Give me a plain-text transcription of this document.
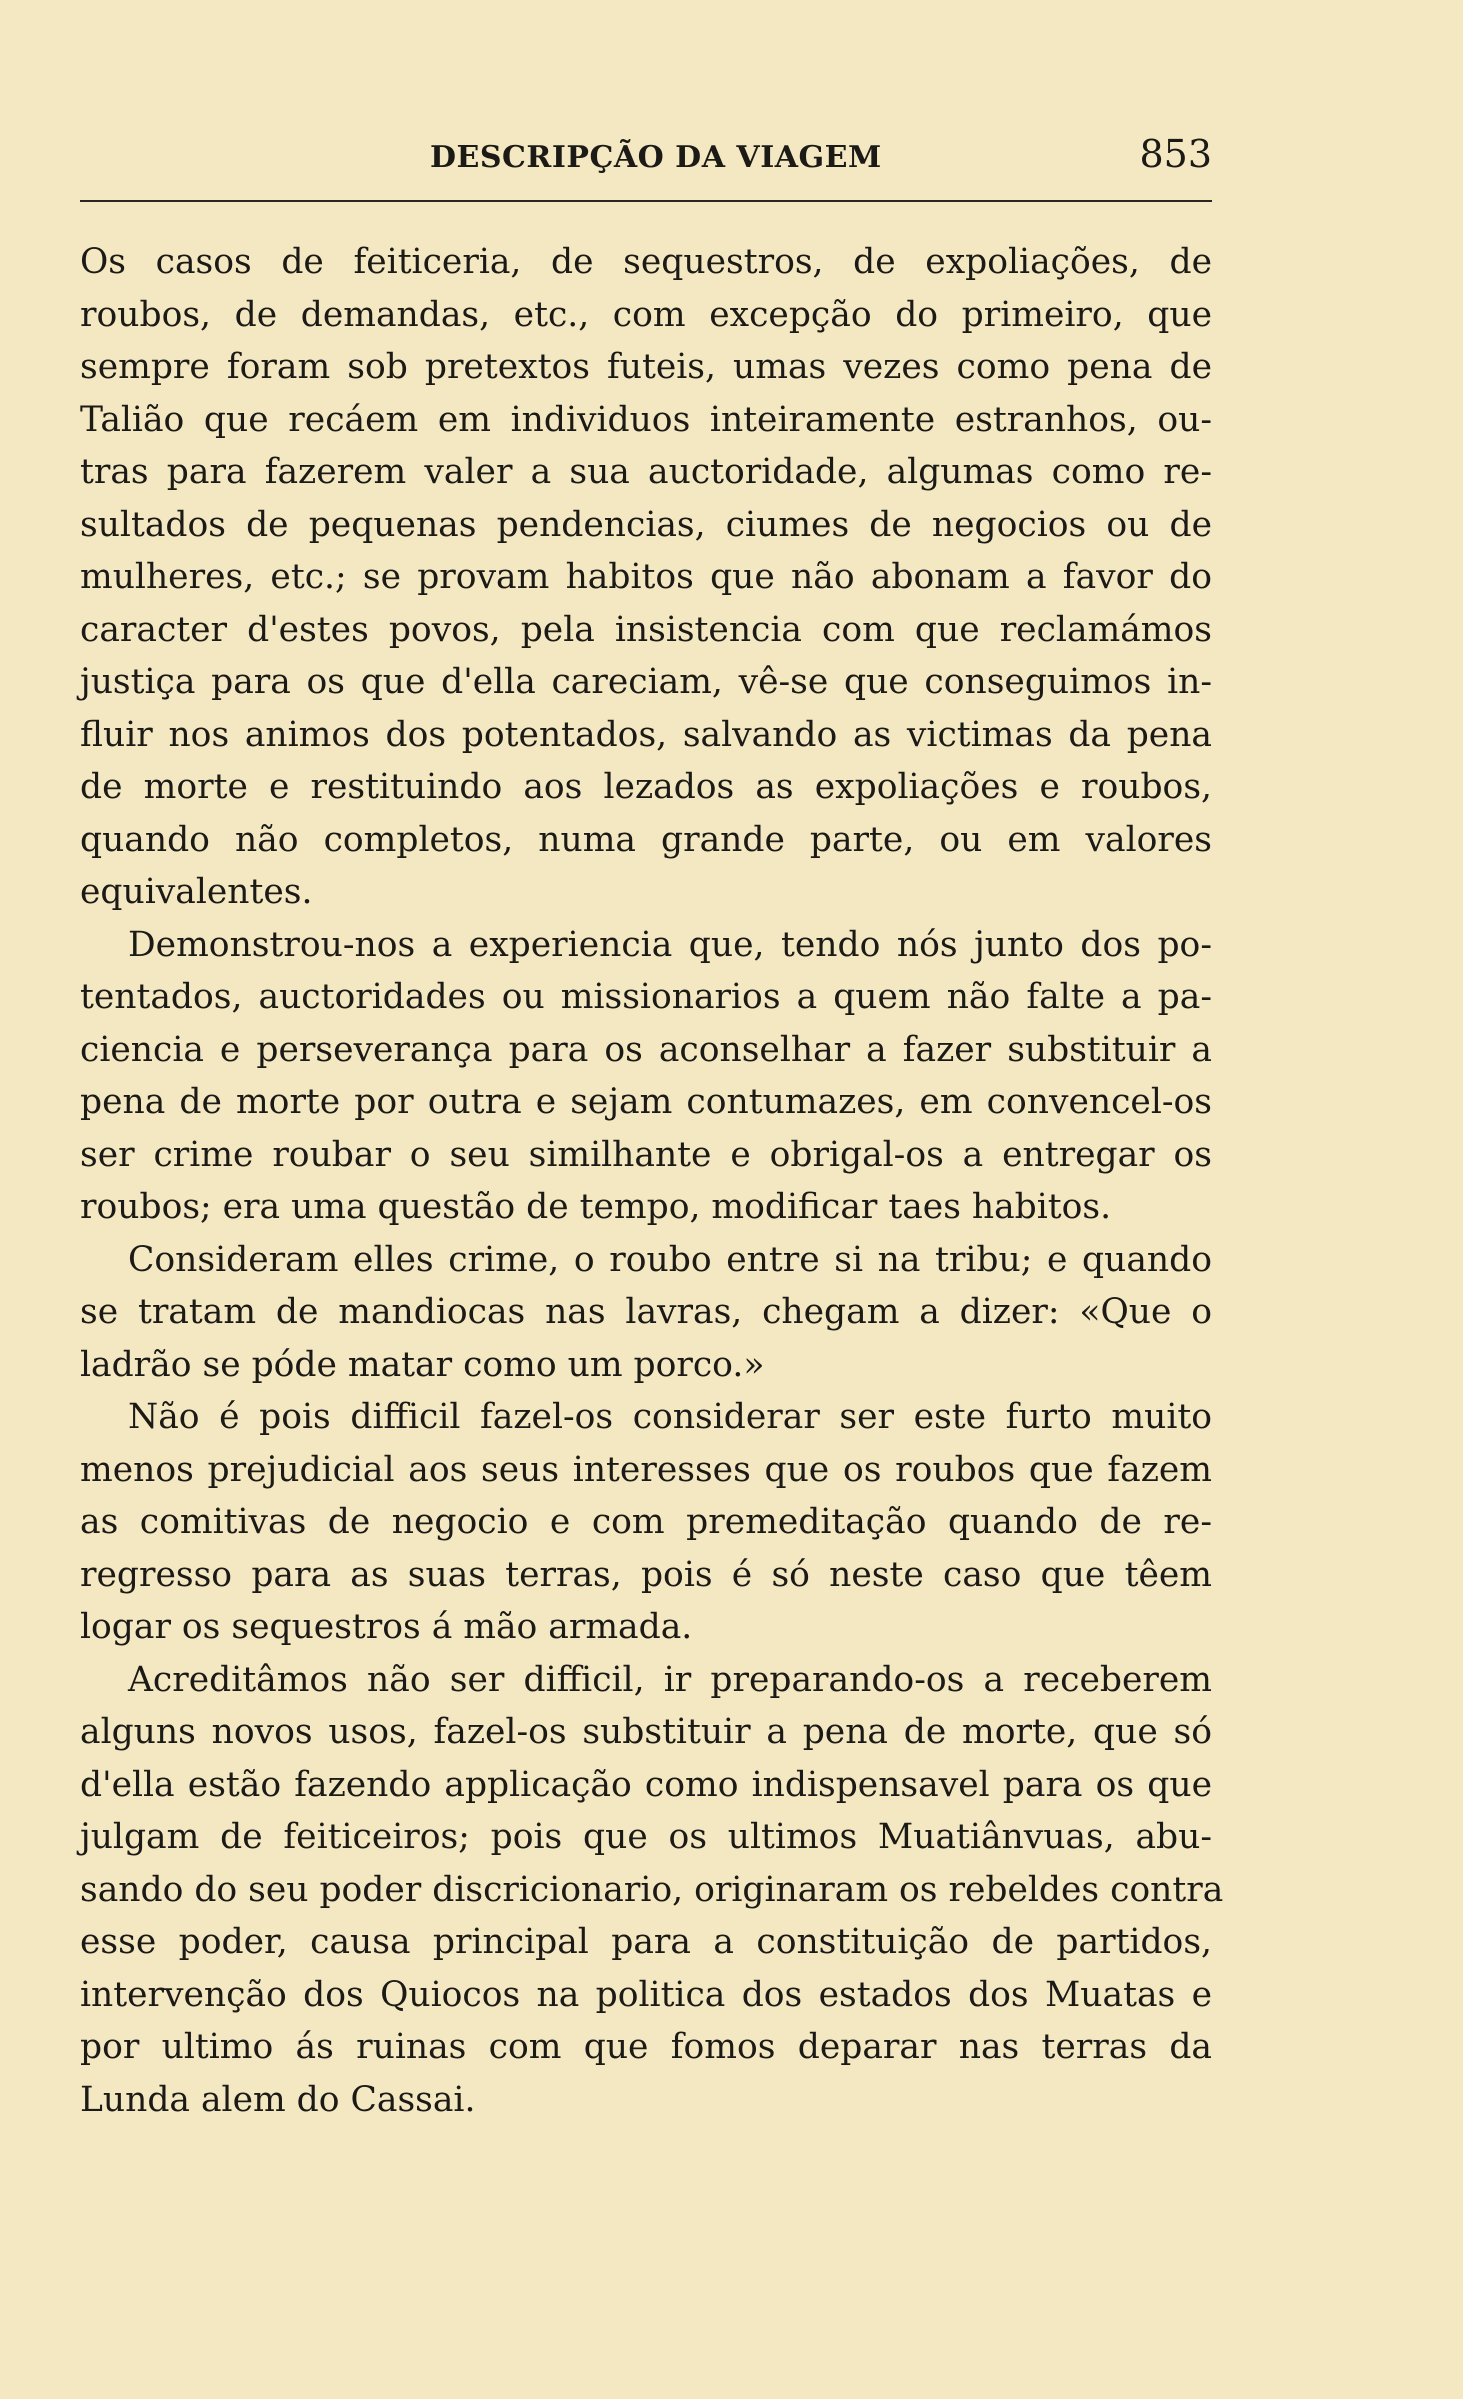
DESCRIPÇÃO DA VIAGEM	853
Os casos de feiticeria, de sequestros, de expoliações, de
roubos, de demandas, etc., com excepção do primeiro, que
sempre foram sob pretextos futeis, umas vezes como pena de
Talião que recáem em individuos inteiramente estranhos, ou-
tras para fazerem valer a sua auctoridade, algumas como re-
sultados de pequenas pendencias, ciumes de negocios ou de
mulheres, etc.; se provam habitos que não abonam a favor do
caracter d'estes povos, pela insistencia com que reclamámos
justiça para os que d'ella careciam, vê-se que conseguimos in-
fluir nos animos dos potentados, salvando as victimas da pena
de morte e restituindo aos lezados as expoliações e roubos,
quando não completos, numa grande parte, ou em valores
equivalentes.
Demonstrou-nos a experiencia que, tendo nós junto dos po-
tentados, auctoridades ou missionarios a quem não falte a pa-
ciencia e perseverança para os aconselhar a fazer substituir a
pena de morte por outra e sejam contumazes, em convencel-os
ser crime roubar o seu similhante e obrigal-os a entregar os
roubos; era uma questão de tempo, modificar taes habitos.
Consideram elles crime, o roubo entre si na tribu; e quando
se tratam de mandiocas nas lavras, chegam a dizer: «Que o
ladrão se póde matar como um porco.»
Não é pois difficil fazel-os considerar ser este furto muito
menos prejudicial aos seus interesses que os roubos que fazem
as comitivas de negocio e com premeditação quando de re-
regresso para as suas terras, pois é só neste caso que têem
logar os sequestros á mão armada.
Acreditâmos não ser difficil, ir preparando-os a receberem
alguns novos usos, fazel-os substituir a pena de morte, que só
d'ella estão fazendo applicação como indispensavel para os que
julgam de feiticeiros; pois que os ultimos Muatiânvuas, abu-
sando do seu poder discricionario, originaram os rebeldes contra
esse poder, causa principal para a constituição de partidos,
intervenção dos Quiocos na politica dos estados dos Muatas e
por ultimo ás ruinas com que fomos deparar nas terras da
Lunda alem do Cassai.
